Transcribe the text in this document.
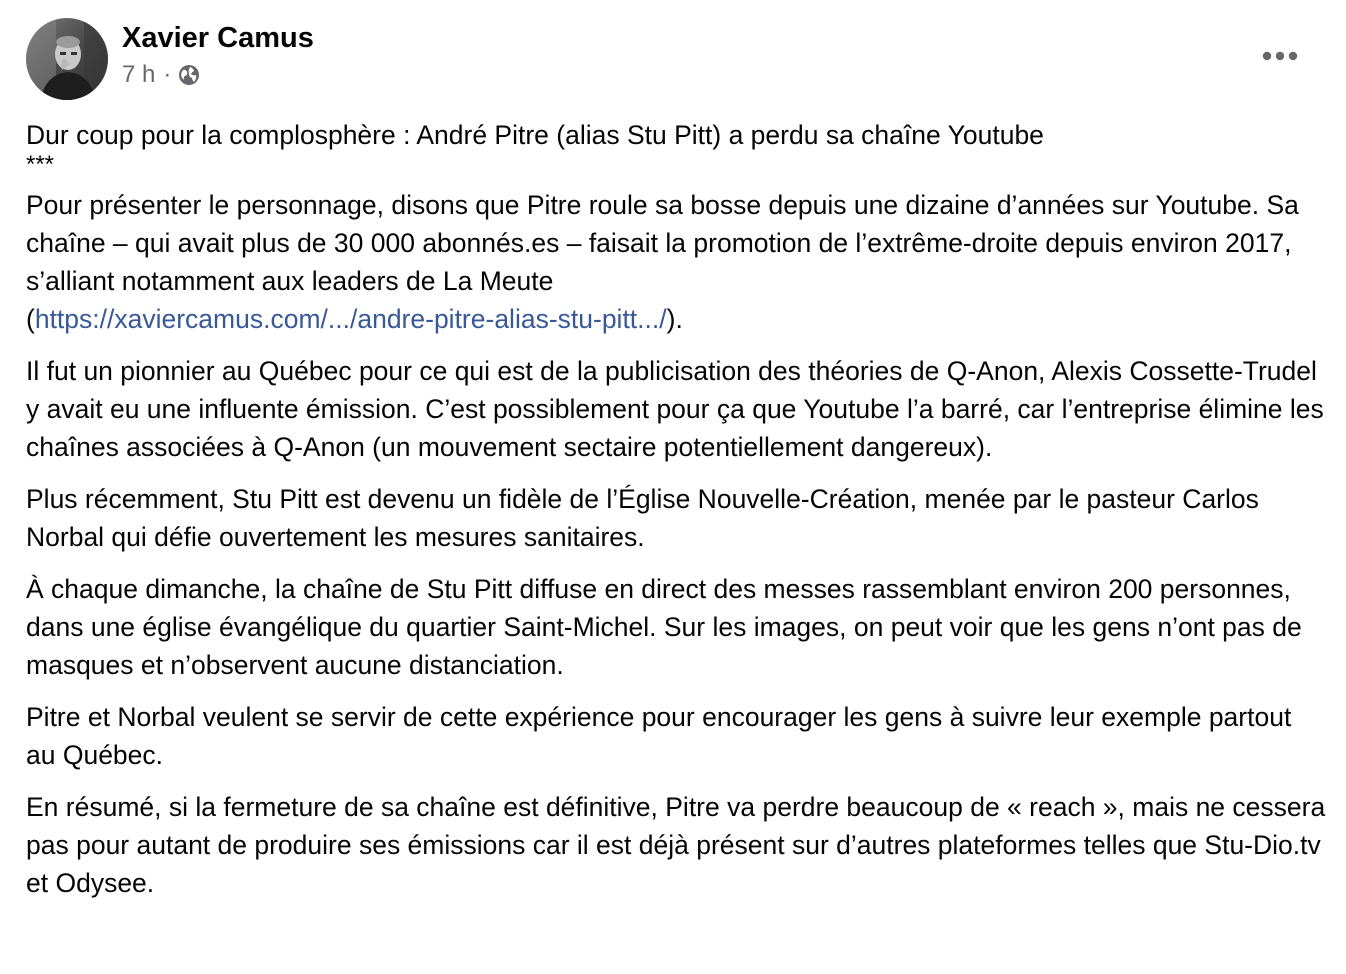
Xavier Camus
7 h ·

Dur coup pour la complosphère : André Pitre (alias Stu Pitt) a perdu sa chaîne Youtube

***

Pour présenter le personnage, disons que Pitre roule sa bosse depuis une dizaine d’années sur Youtube. Sa chaîne – qui avait plus de 30 000 abonnés.es – faisait la promotion de l’extrême-droite depuis environ 2017, s’alliant notamment aux leaders de La Meute
(https://xaviercamus.com/.../andre-pitre-alias-stu-pitt.../).

Il fut un pionnier au Québec pour ce qui est de la publicisation des théories de Q-Anon, Alexis Cossette-Trudel y avait eu une influente émission. C’est possiblement pour ça que Youtube l’a barré, car l’entreprise élimine les chaînes associées à Q-Anon (un mouvement sectaire potentiellement dangereux).

Plus récemment, Stu Pitt est devenu un fidèle de l’Église Nouvelle-Création, menée par le pasteur Carlos Norbal qui défie ouvertement les mesures sanitaires.

À chaque dimanche, la chaîne de Stu Pitt diffuse en direct des messes rassemblant environ 200 personnes, dans une église évangélique du quartier Saint-Michel. Sur les images, on peut voir que les gens n’ont pas de masques et n’observent aucune distanciation.

Pitre et Norbal veulent se servir de cette expérience pour encourager les gens à suivre leur exemple partout au Québec.

En résumé, si la fermeture de sa chaîne est définitive, Pitre va perdre beaucoup de « reach », mais ne cessera pas pour autant de produire ses émissions car il est déjà présent sur d’autres plateformes telles que Stu-Dio.tv et Odysee.
